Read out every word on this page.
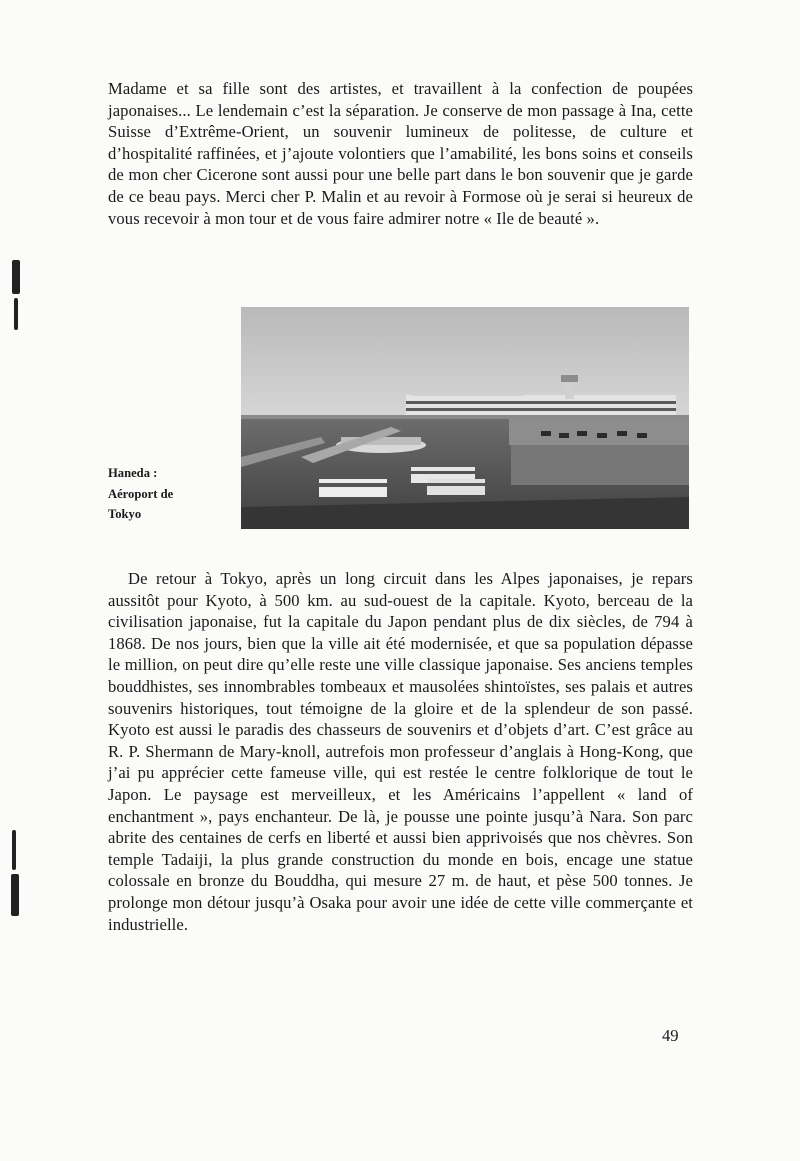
Madame et sa fille sont des artistes, et travaillent à la confection de poupées japonaises... Le lendemain c’est la séparation. Je conserve de mon passage à Ina, cette Suisse d’Extrême-Orient, un souvenir lumineux de politesse, de culture et d’hospitalité raffinées, et j’ajoute volontiers que l’amabilité, les bons soins et conseils de mon cher Cicerone sont aussi pour une belle part dans le bon souvenir que je garde de ce beau pays. Merci cher P. Malin et au revoir à Formose où je serai si heureux de vous recevoir à mon tour et de vous faire admirer notre « Ile de beauté ».

Haneda :
Aéroport de
Tokyo

De retour à Tokyo, après un long circuit dans les Alpes japonaises, je repars aussitôt pour Kyoto, à 500 km. au sud-ouest de la capitale. Kyoto, berceau de la civilisation japonaise, fut la capitale du Japon pendant plus de dix siècles, de 794 à 1868. De nos jours, bien que la ville ait été modernisée, et que sa population dépasse le million, on peut dire qu’elle reste une ville classique japonaise. Ses anciens temples bouddhistes, ses innombrables tombeaux et mausolées shintoïstes, ses palais et autres souvenirs historiques, tout témoigne de la gloire et de la splendeur de son passé. Kyoto est aussi le paradis des chasseurs de souvenirs et d’objets d’art. C’est grâce au R. P. Shermann de Mary-knoll, autrefois mon professeur d’anglais à Hong-Kong, que j’ai pu apprécier cette fameuse ville, qui est restée le centre folklorique de tout le Japon. Le paysage est merveilleux, et les Américains l’appellent « land of enchantment », pays enchanteur. De là, je pousse une pointe jusqu’à Nara. Son parc abrite des centaines de cerfs en liberté et aussi bien apprivoisés que nos chèvres. Son temple Tadaiji, la plus grande construction du monde en bois, encage une statue colossale en bronze du Bouddha, qui mesure 27 m. de haut, et pèse 500 tonnes. Je prolonge mon détour jusqu’à Osaka pour avoir une idée de cette ville commerçante et industrielle.

49
